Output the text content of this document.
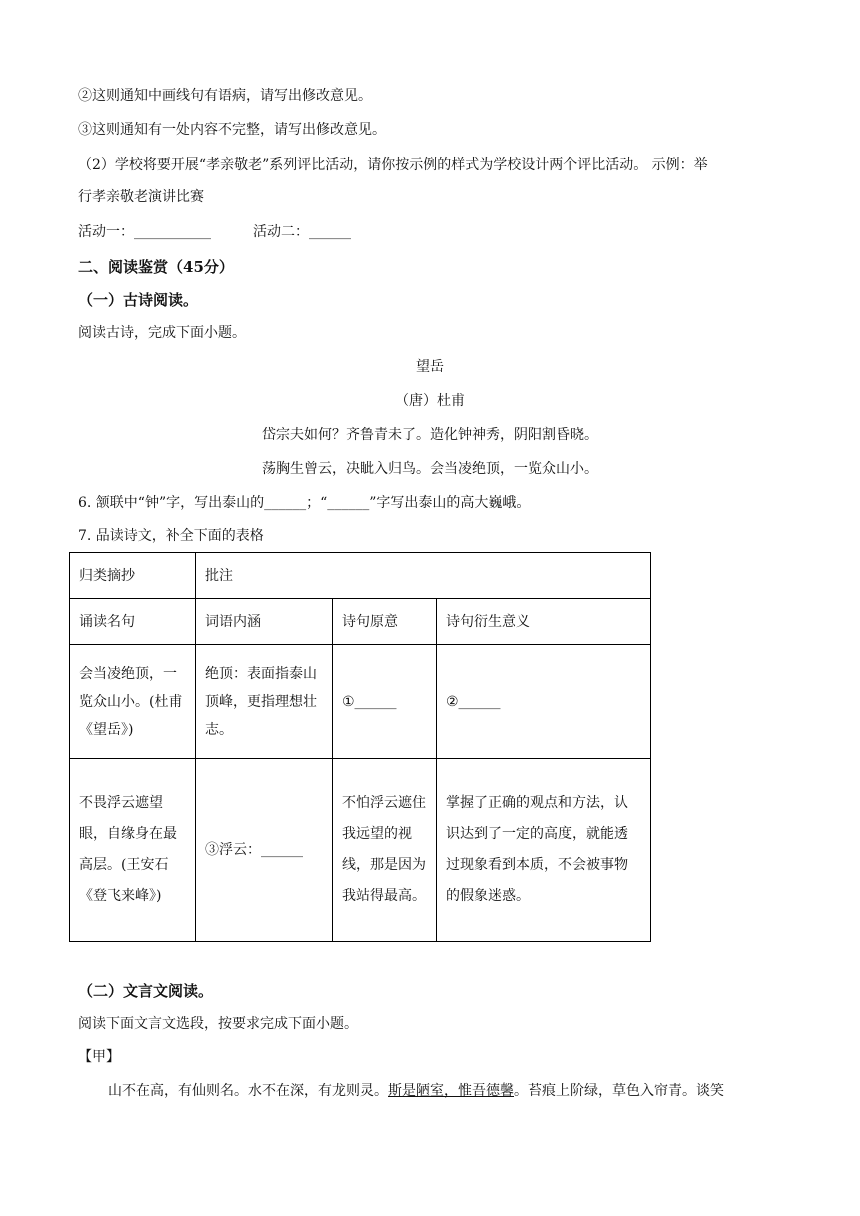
②这则通知中画线句有语病，请写出修改意见。
③这则通知有一处内容不完整，请写出修改意见。
（2）学校将要开展“孝亲敬老”系列评比活动，请你按示例的样式为学校设计两个评比活动。 示例：举
行孝亲敬老演讲比赛
活动一：___________	活动二：______
二、阅读鉴赏（45分）
（一）古诗阅读。
阅读古诗，完成下面小题。
望岳
（唐）杜甫
岱宗夫如何？齐鲁青未了。造化钟神秀，阴阳割昏晓。
荡胸生曾云，决眦入归鸟。会当凌绝顶，一览众山小。
6. 颔联中“钟”字，写出泰山的______；“______”字写出泰山的高大巍峨。
7. 品读诗文，补全下面的表格
归类摘抄	批注		
诵读名句	词语内涵	诗句原意	诗句衍生意义
会当凌绝顶，一览众山小。(杜甫《望岳》)	绝顶：表面指泰山顶峰，更指理想壮志。	①______	②______
不畏浮云遮望眼，自缘身在最高层。(王安石《登飞来峰》)	③浮云：______	不怕浮云遮住我远望的视线，那是因为我站得最高。	掌握了正确的观点和方法，认识达到了一定的高度，就能透过现象看到本质，不会被事物的假象迷惑。
（二）文言文阅读。
阅读下面文言文选段，按要求完成下面小题。
【甲】
山不在高，有仙则名。水不在深，有龙则灵。斯是陋室，惟吾德馨。苔痕上阶绿，草色入帘青。谈笑
